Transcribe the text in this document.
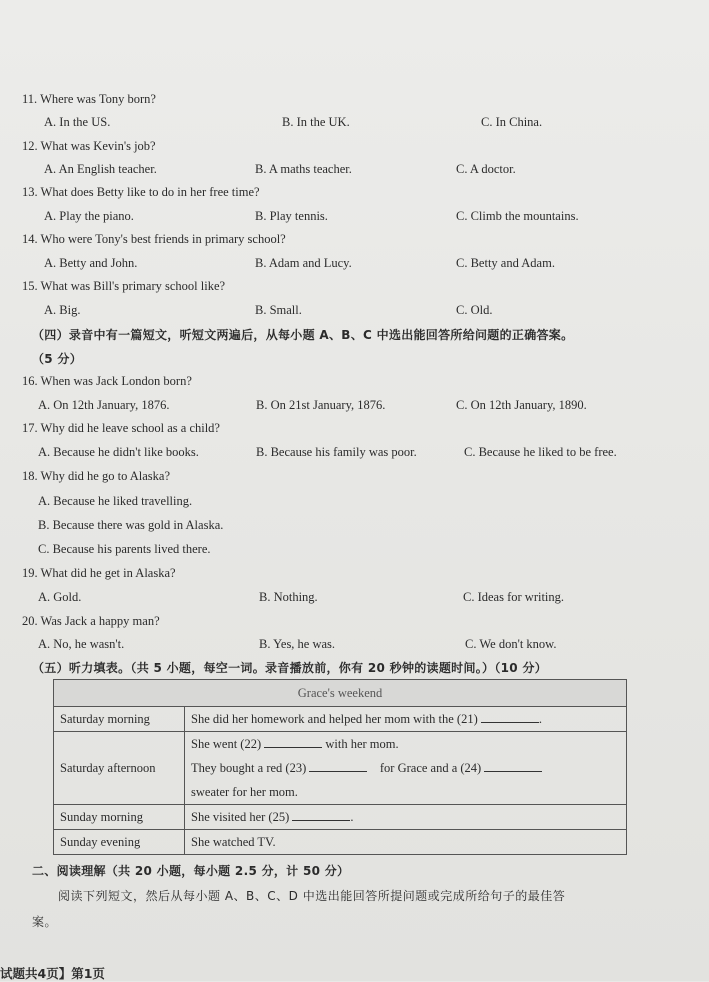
11. Where was Tony born?
A. In the US.	B. In the UK.	C. In China.
12. What was Kevin's job?
A. An English teacher.	B. A maths teacher.	C. A doctor.
13. What does Betty like to do in her free time?
A. Play the piano.	B. Play tennis.	C. Climb the mountains.
14. Who were Tony's best friends in primary school?
A. Betty and John.	B. Adam and Lucy.	C. Betty and Adam.
15. What was Bill's primary school like?
A. Big.	B. Small.	C. Old.
（四）录音中有一篇短文，听短文两遍后，从每小题 A、B、C 中选出能回答所给问题的正确答案。
（5 分）
16. When was Jack London born?
A. On 12th January, 1876.	B. On 21st January, 1876.	C. On 12th January, 1890.
17. Why did he leave school as a child?
A. Because he didn't like books.	B. Because his family was poor.	C. Because he liked to be free.
18. Why did he go to Alaska?
A. Because he liked travelling.
B. Because there was gold in Alaska.
C. Because his parents lived there.
19. What did he get in Alaska?
A. Gold.	B. Nothing.	C. Ideas for writing.
20. Was Jack a happy man?
A. No, he wasn't.	B. Yes, he was.	C. We don't know.
（五）听力填表。（共 5 小题，每空一词。录音播放前，你有 20 秒钟的读题时间。）（10 分）
Grace's weekend	
Saturday morning	She did her homework and helped her mom with the (21) .
Saturday afternoon	She went (22) with her mom.
They bought a red (23) for Grace and a (24)
sweater for her mom.

Sunday morning	She visited her (25) .
Sunday evening	She watched TV.
二、阅读理解（共 20 小题，每小题 2.5 分，计 50 分）
阅读下列短文，然后从每小题 A、B、C、D 中选出能回答所提问题或完成所给句子的最佳答
案。
试题共4页】第1页
